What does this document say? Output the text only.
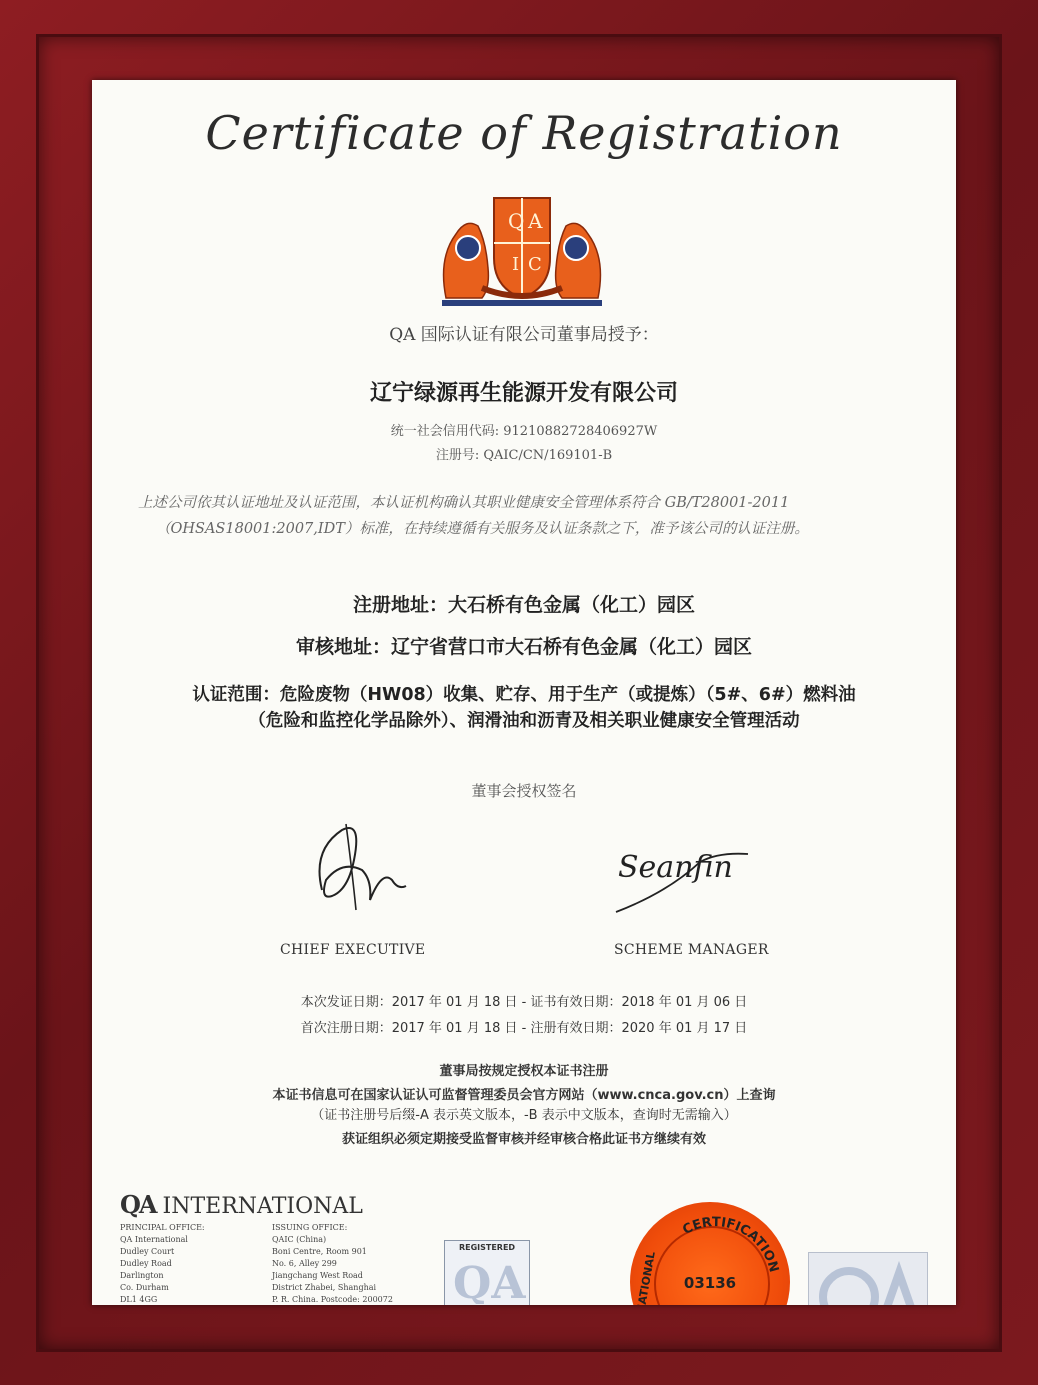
Certificate of Registration
Q A
I C
QA 国际认证有限公司董事局授予：
辽宁绿源再生能源开发有限公司
统一社会信用代码: 91210882728406927W
注册号: QAIC/CN/169101-B
上述公司依其认证地址及认证范围，本认证机构确认其职业健康安全管理体系符合 GB/T28001-2011
（OHSAS18001:2007,IDT）标准，在持续遵循有关服务及认证条款之下，准予该公司的认证注册。
注册地址：大石桥有色金属（化工）园区
审核地址：辽宁省营口市大石桥有色金属（化工）园区
认证范围：危险废物（HW08）收集、贮存、用于生产（或提炼）（5#、6#）燃料油
（危险和监控化学品除外）、润滑油和沥青及相关职业健康安全管理活动
董事会授权签名
Seanfin
CHIEF EXECUTIVE	SCHEME MANAGER
本次发证日期：2017 年 01 月 18 日 - 证书有效日期：2018 年 01 月 06 日
首次注册日期：2017 年 01 月 18 日 - 注册有效日期：2020 年 01 月 17 日
董事局按规定授权本证书注册
本证书信息可在国家认证认可监督管理委员会官方网站（www.cnca.gov.cn）上查询
（证书注册号后缀-A 表示英文版本，-B 表示中文版本，查询时无需输入）
获证组织必须定期接受监督审核并经审核合格此证书方继续有效
QA INTERNATIONAL
PRINCIPAL OFFICE:
QA International
Dudley Court
Dudley Road
Darlington
Co. Durham
DL1 4GG
ISSUING OFFICE:
QAIC (China)
Boni Centre, Room 901
No. 6, Alley 299
Jiangchang West Road
District Zhabei, Shanghai
P. R. China. Postcode: 200072
REGISTERED
QA
CERTIFICATION
NATIONAL	03136
